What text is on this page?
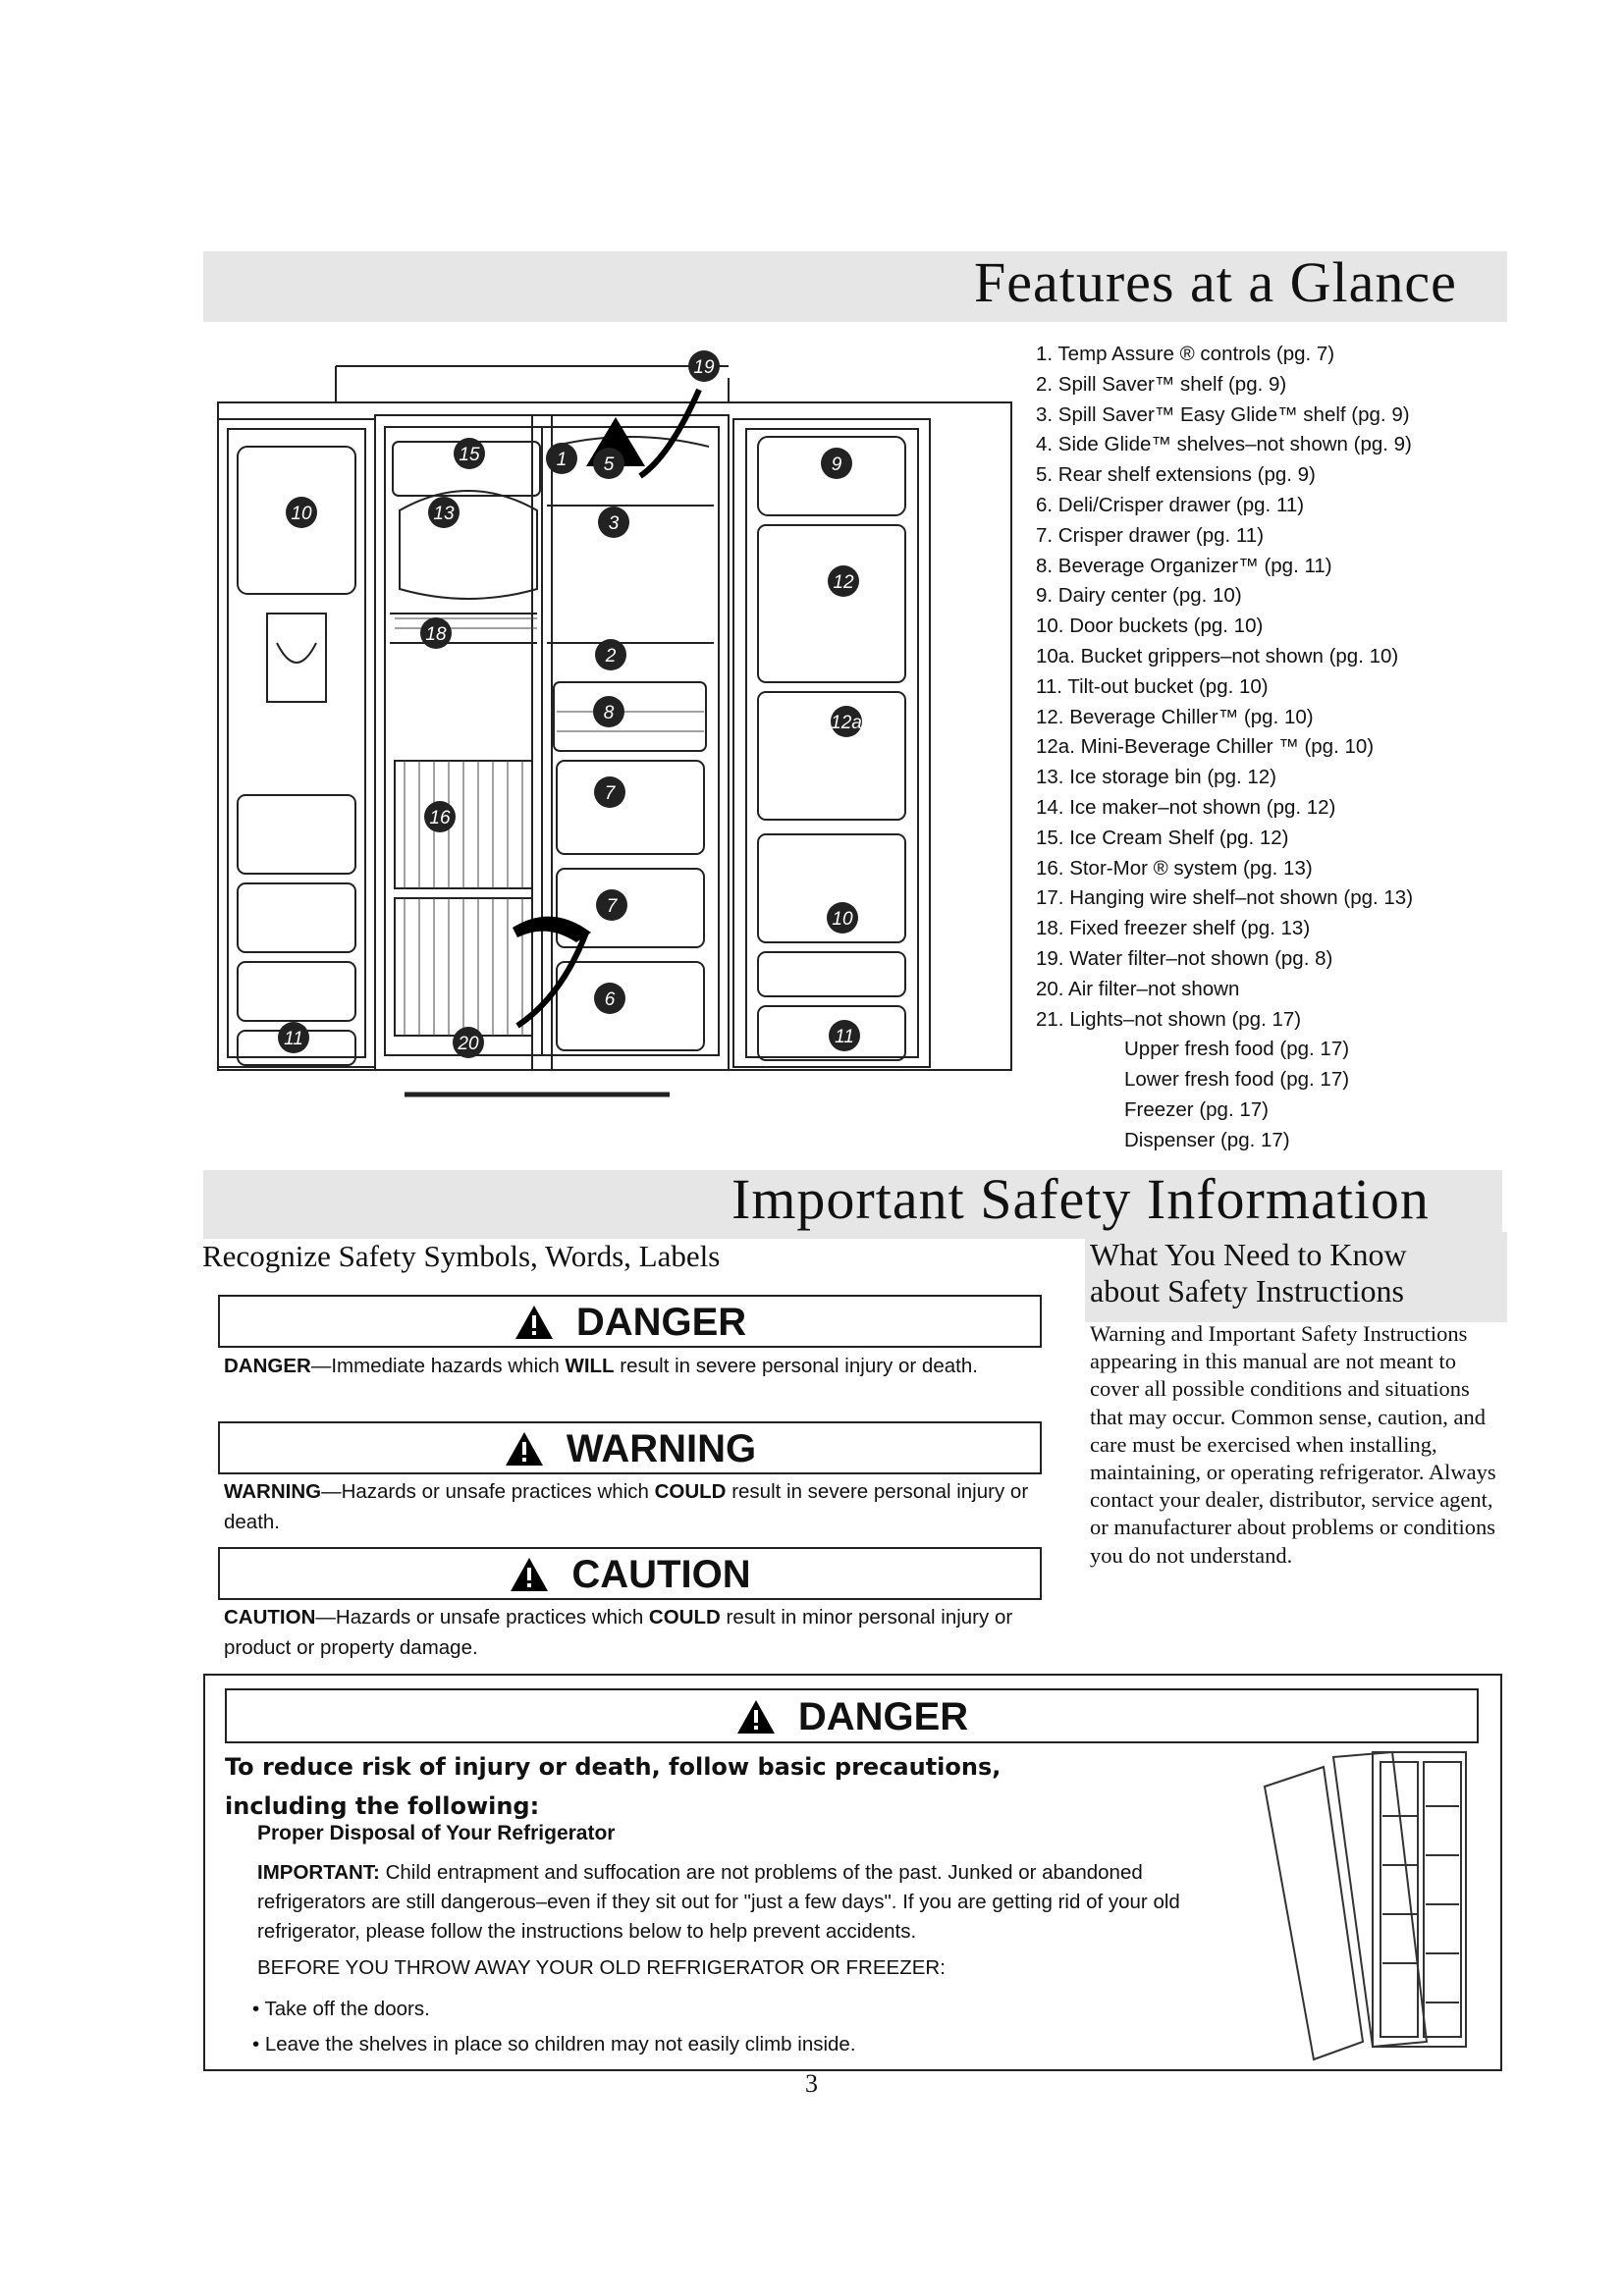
Features at a Glance
19
15	1 5	9
10	13	3
12
18
2
8	12a
7
16
7
10
6
11	20	11
1. Temp Assure ® controls (pg. 7)
2. Spill Saver™ shelf (pg. 9)
3. Spill Saver™ Easy Glide™ shelf (pg. 9)
4. Side Glide™ shelves–not shown (pg. 9)
5. Rear shelf extensions (pg. 9)
6. Deli/Crisper drawer (pg. 11)
7. Crisper drawer (pg. 11)
8. Beverage Organizer™ (pg. 11)
9. Dairy center (pg. 10)
10. Door buckets (pg. 10)
10a. Bucket grippers–not shown (pg. 10)
11. Tilt-out bucket (pg. 10)
12. Beverage Chiller™ (pg. 10)
12a. Mini-Beverage Chiller ™ (pg. 10)
13. Ice storage bin (pg. 12)
14. Ice maker–not shown (pg. 12)
15. Ice Cream Shelf (pg. 12)
16. Stor-Mor ® system (pg. 13)
17. Hanging wire shelf–not shown (pg. 13)
18. Fixed freezer shelf (pg. 13)
19. Water filter–not shown (pg. 8)
20. Air filter–not shown
21. Lights–not shown (pg. 17)
Upper fresh food (pg. 17)
Lower fresh food (pg. 17)
Freezer (pg. 17)
Dispenser (pg. 17)
Important Safety Information
Recognize Safety Symbols, Words, Labels
DANGER
DANGER—Immediate hazards which WILL result in severe personal injury or death.
WARNING
WARNING—Hazards or unsafe practices which COULD result in severe personal injury or death.
CAUTION
CAUTION—Hazards or unsafe practices which COULD result in minor personal injury or product or property damage.
What You Need to Know
about Safety Instructions
Warning and Important Safety Instructions appearing in this manual are not meant to cover all possible conditions and situations that may occur. Common sense, caution, and care must be exercised when installing, maintaining, or operating refrigerator. Always contact your dealer, distributor, service agent, or manufacturer about problems or conditions you do not understand.
DANGER
To reduce risk of injury or death, follow basic precautions, including the following:
Proper Disposal of Your Refrigerator
IMPORTANT: Child entrapment and suffocation are not problems of the past. Junked or abandoned refrigerators are still dangerous–even if they sit out for "just a few days". If you are getting rid of your old refrigerator, please follow the instructions below to help prevent accidents.
BEFORE YOU THROW AWAY YOUR OLD REFRIGERATOR OR FREEZER:
• Take off the doors.
• Leave the shelves in place so children may not easily climb inside.
3
